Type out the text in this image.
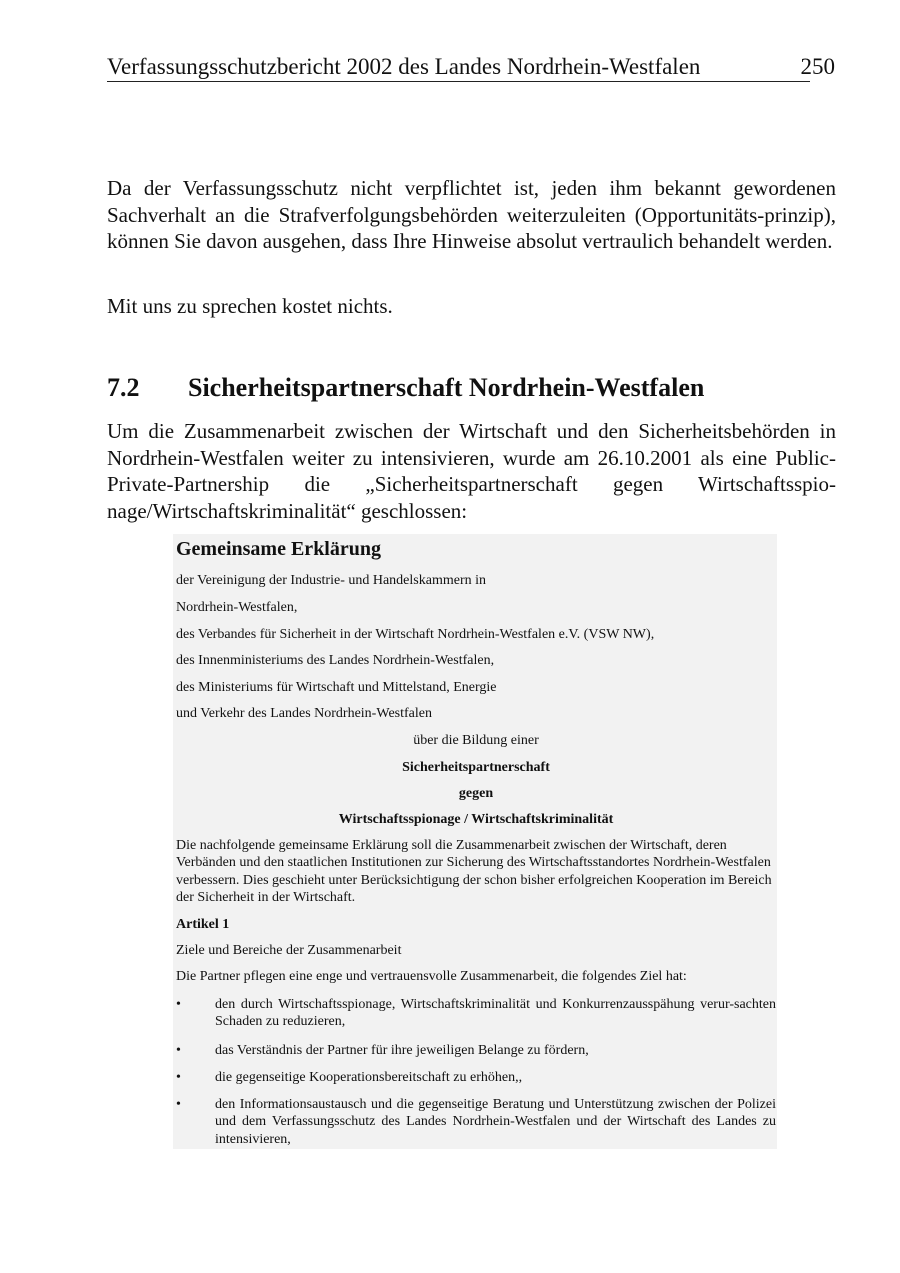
Verfassungsschutzbericht 2002 des Landes Nordrhein-Westfalen	250

Da der Verfassungsschutz nicht verpflichtet ist, jeden ihm bekannt gewordenen Sachverhalt an die Strafverfolgungsbehörden weiterzuleiten (Opportunitäts-prinzip), können Sie davon ausgehen, dass Ihre Hinweise absolut vertraulich behandelt werden.

Mit uns zu sprechen kostet nichts.

7.2 Sicherheitspartnerschaft Nordrhein-Westfalen

Um die Zusammenarbeit zwischen der Wirtschaft und den Sicherheitsbehörden in Nordrhein-Westfalen weiter zu intensivieren, wurde am 26.10.2001 als eine Public-Private-Partnership die „Sicherheitspartnerschaft gegen Wirtschaftsspio-nage/Wirtschaftskriminalität“ geschlossen:

Gemeinsame Erklärung
der Vereinigung der Industrie- und Handelskammern in
Nordrhein-Westfalen,
des Verbandes für Sicherheit in der Wirtschaft Nordrhein-Westfalen e.V. (VSW NW),
des Innenministeriums des Landes Nordrhein-Westfalen,
des Ministeriums für Wirtschaft und Mittelstand, Energie
und Verkehr des Landes Nordrhein-Westfalen
über die Bildung einer
Sicherheitspartnerschaft
gegen
Wirtschaftsspionage / Wirtschaftskriminalität

Die nachfolgende gemeinsame Erklärung soll die Zusammenarbeit zwischen der Wirtschaft, deren Verbänden und den staatlichen Institutionen zur Sicherung des Wirtschaftsstandortes Nordrhein-Westfalen verbessern. Dies geschieht unter Berücksichtigung der schon bisher erfolgreichen Kooperation im Bereich der Sicherheit in der Wirtschaft.

Artikel 1
Ziele und Bereiche der Zusammenarbeit
Die Partner pflegen eine enge und vertrauensvolle Zusammenarbeit, die folgendes Ziel hat:
•	den durch Wirtschaftsspionage, Wirtschaftskriminalität und Konkurrenzausspähung verur-sachten Schaden zu reduzieren,
•	das Verständnis der Partner für ihre jeweiligen Belange zu fördern,
•	die gegenseitige Kooperationsbereitschaft zu erhöhen,,
•	den Informationsaustausch und die gegenseitige Beratung und Unterstützung zwischen der Polizei und dem Verfassungsschutz des Landes Nordrhein-Westfalen und der Wirtschaft des Landes zu intensivieren,
